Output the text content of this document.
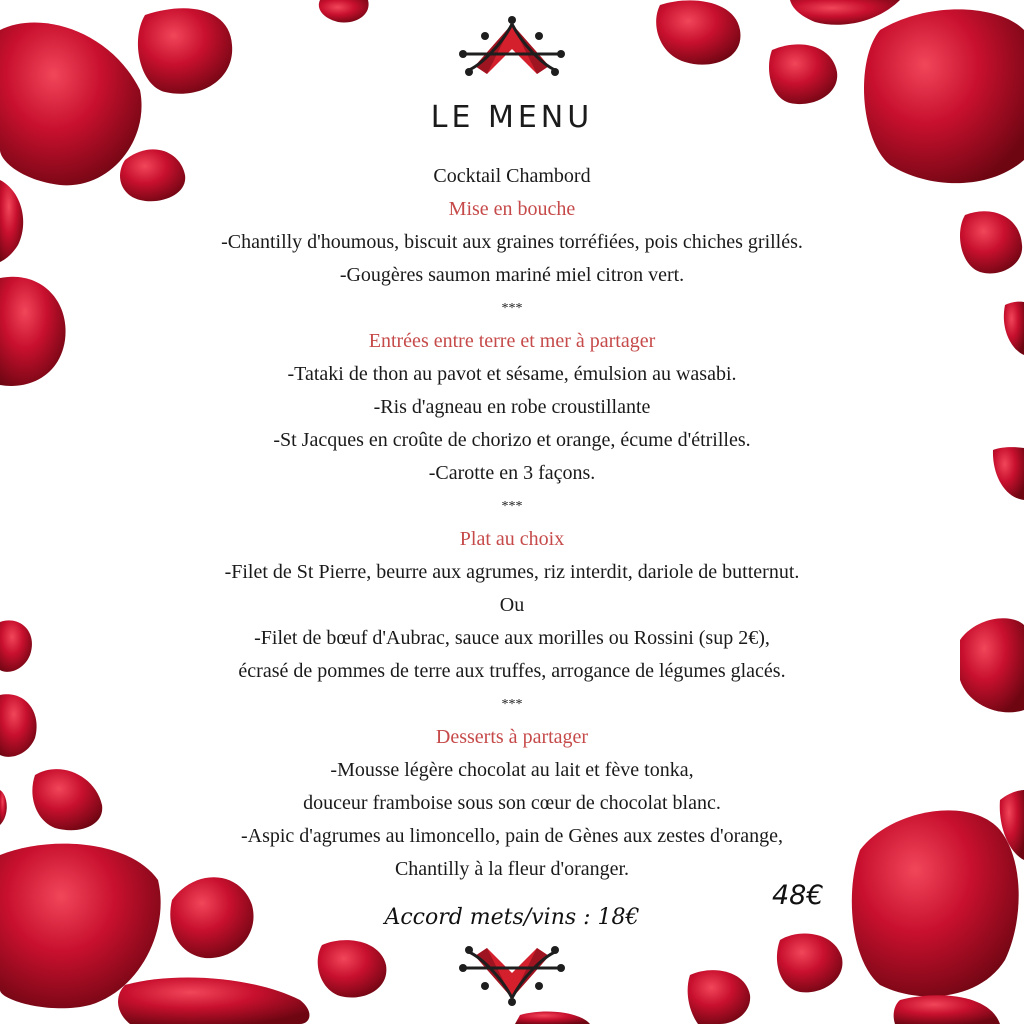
LE MENU
Cocktail Chambord
Mise en bouche
-Chantilly d'houmous, biscuit aux graines torréfiées, pois chiches grillés.
-Gougères saumon mariné miel citron vert.
***
Entrées entre terre et mer à partager
-Tataki de thon au pavot et sésame, émulsion au wasabi.
-Ris d'agneau en robe croustillante
-St Jacques en croûte de chorizo et orange, écume d'étrilles.
-Carotte en 3 façons.
***
Plat au choix
-Filet de St Pierre, beurre aux agrumes, riz interdit, dariole de butternut.
Ou
-Filet de bœuf d'Aubrac, sauce aux morilles ou Rossini (sup 2€),
écrasé de pommes de terre aux truffes, arrogance de légumes glacés.
***
Desserts à partager
-Mousse légère chocolat au lait et fève tonka,
douceur framboise sous son cœur de chocolat blanc.
-Aspic d'agrumes au limoncello, pain de Gènes aux zestes d'orange,
Chantilly à la fleur d'oranger.
48€
Accord mets/vins : 18€
